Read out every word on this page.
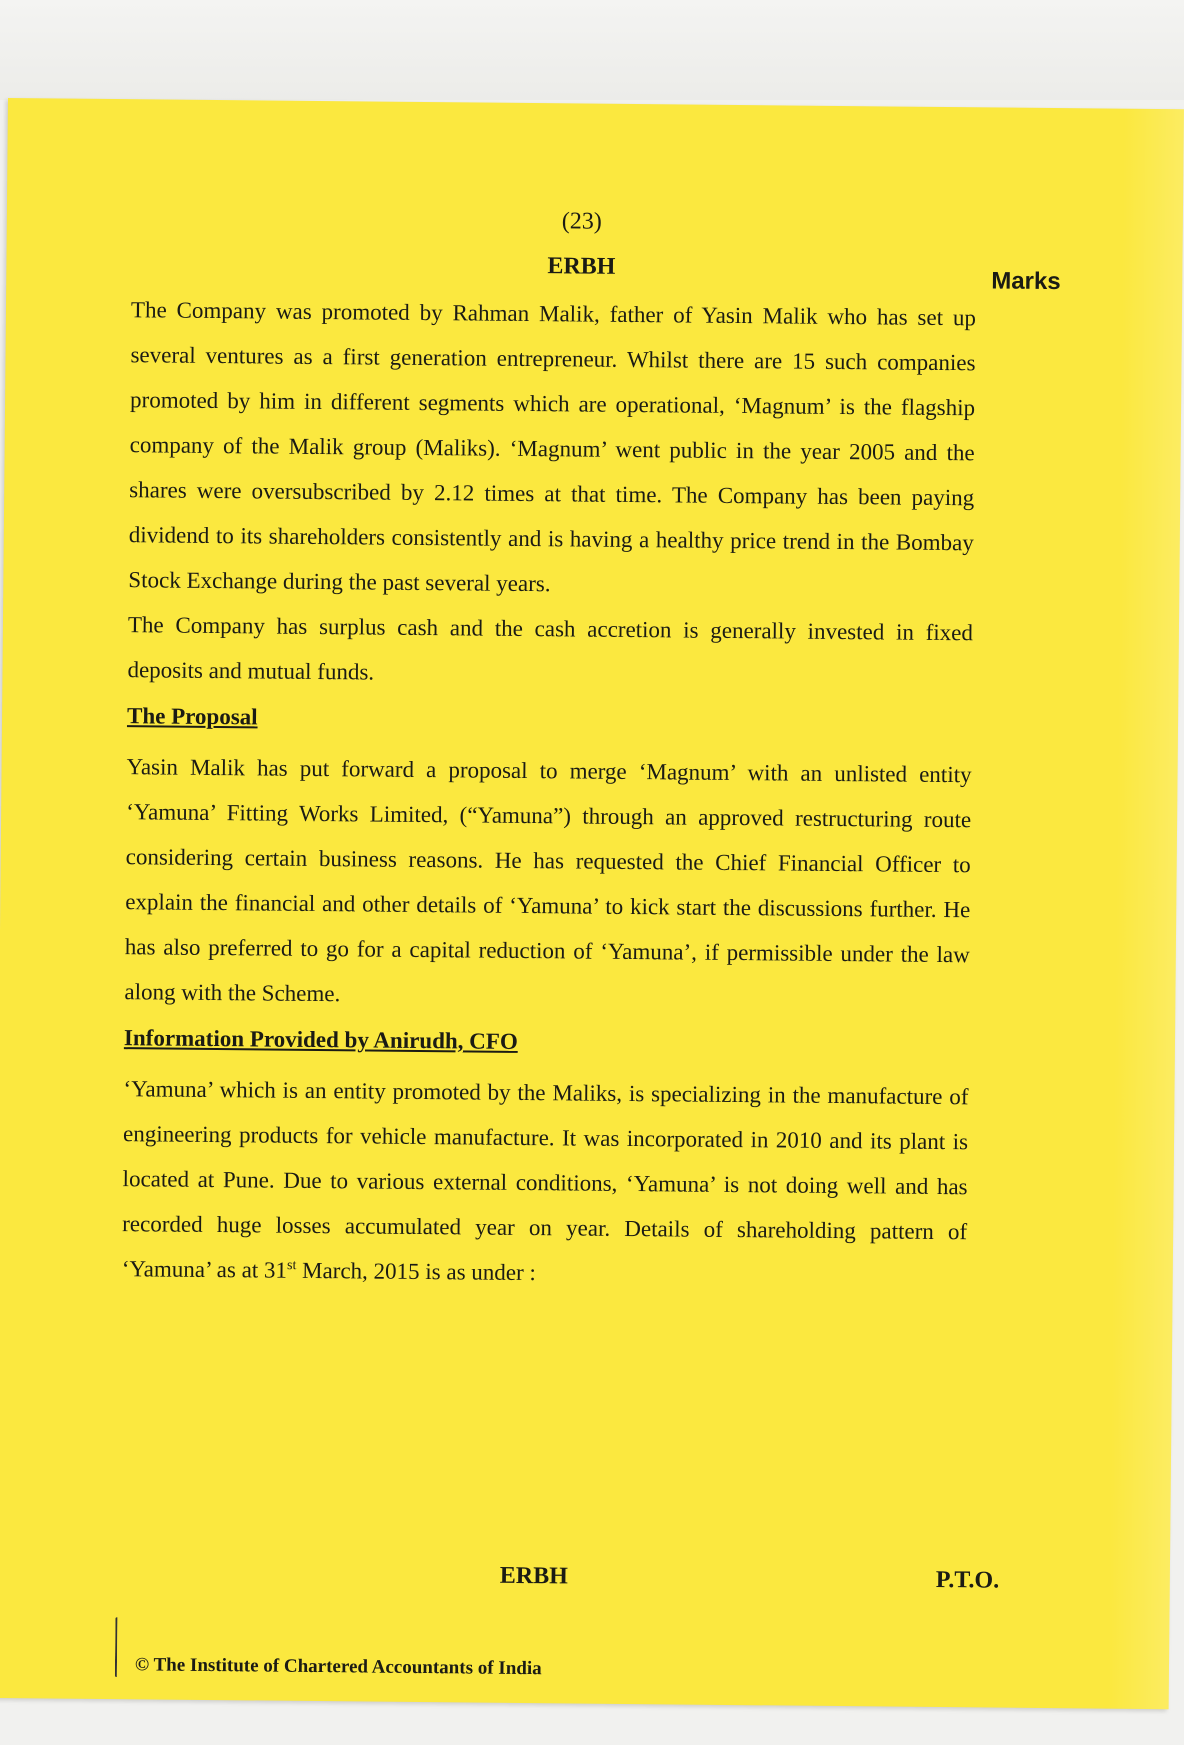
(23)
ERBH
Marks

The Company was promoted by Rahman Malik, father of Yasin Malik who has set up several ventures as a first generation entrepreneur. Whilst there are 15 such companies promoted by him in different segments which are operational, ‘Magnum’ is the flagship company of the Malik group (Maliks). ‘Magnum’ went public in the year 2005 and the shares were oversubscribed by 2.12 times at that time. The Company has been paying dividend to its shareholders consistently and is having a healthy price trend in the Bombay Stock Exchange during the past several years.

The Company has surplus cash and the cash accretion is generally invested in fixed deposits and mutual funds.

The Proposal

Yasin Malik has put forward a proposal to merge ‘Magnum’ with an unlisted entity ‘Yamuna’ Fitting Works Limited, (“Yamuna”) through an approved restructuring route considering certain business reasons. He has requested the Chief Financial Officer to explain the financial and other details of ‘Yamuna’ to kick start the discussions further. He has also preferred to go for a capital reduction of ‘Yamuna’, if permissible under the law along with the Scheme.

Information Provided by Anirudh, CFO

‘Yamuna’ which is an entity promoted by the Maliks, is specializing in the manufacture of engineering products for vehicle manufacture. It was incorporated in 2010 and its plant is located at Pune. Due to various external conditions, ‘Yamuna’ is not doing well and has recorded huge losses accumulated year on year. Details of shareholding pattern of ‘Yamuna’ as at 31st March, 2015 is as under :

ERBH	P.T.O.
© The Institute of Chartered Accountants of India
